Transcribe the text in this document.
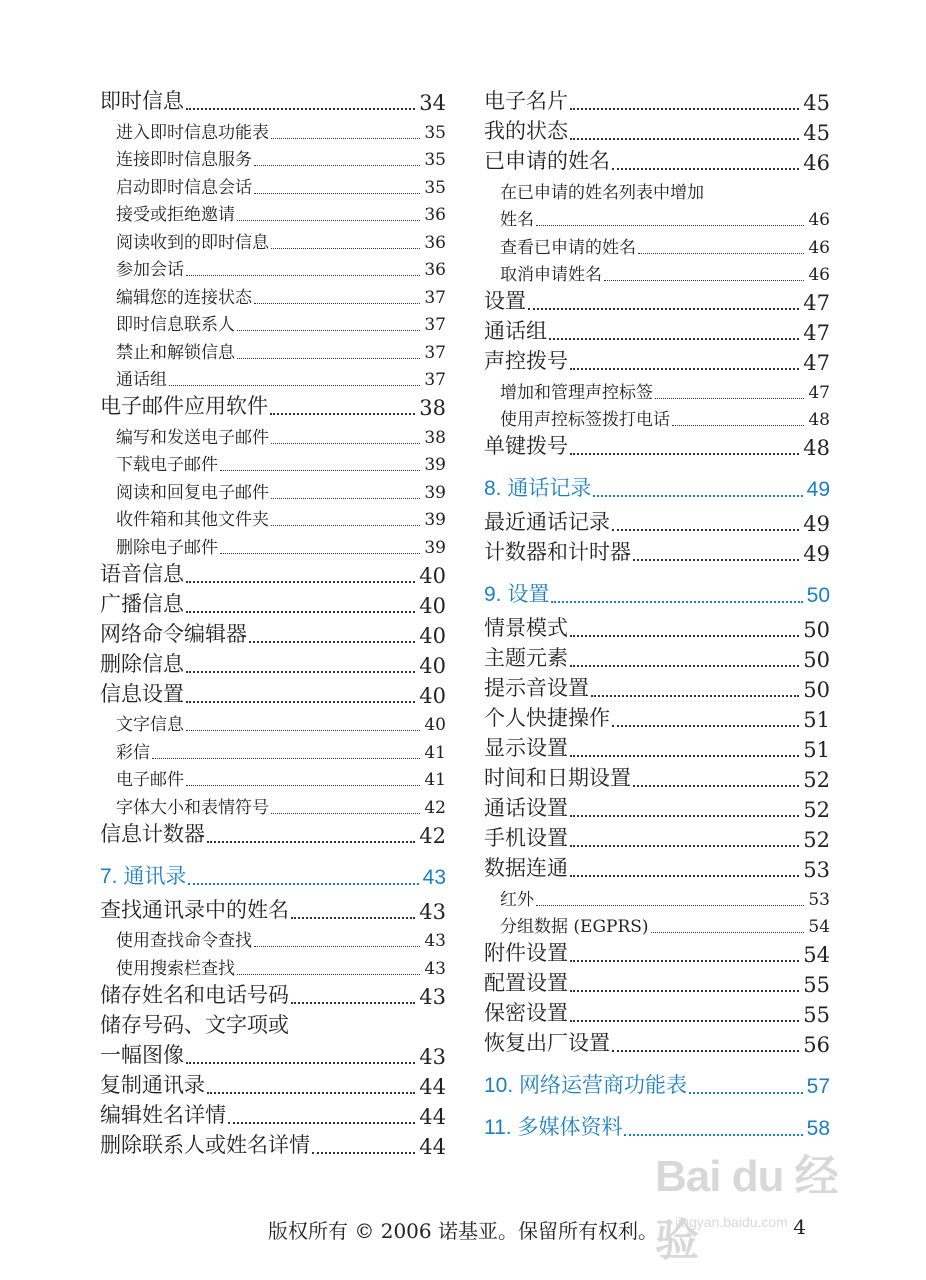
即时信息	34
进入即时信息功能表	35
连接即时信息服务	35
启动即时信息会话	35
接受或拒绝邀请	36
阅读收到的即时信息	36
参加会话	36
编辑您的连接状态	37
即时信息联系人	37
禁止和解锁信息	37
通话组	37
电子邮件应用软件	38
编写和发送电子邮件	38
下载电子邮件	39
阅读和回复电子邮件	39
收件箱和其他文件夹	39
删除电子邮件	39
语音信息	40
广播信息	40
网络命令编辑器	40
删除信息	40
信息设置	40
文字信息	40
彩信	41
电子邮件	41
字体大小和表情符号	42
信息计数器	42
7. 通讯录	43
查找通讯录中的姓名	43
使用查找命令查找	43
使用搜索栏查找	43
储存姓名和电话号码	43
储存号码、文字项或
一幅图像	43
复制通讯录	44
编辑姓名详情	44
删除联系人或姓名详情	44
电子名片	45
我的状态	45
已申请的姓名	46
在已申请的姓名列表中增加
姓名	46
查看已申请的姓名	46
取消申请姓名	46
设置	47
通话组	47
声控拨号	47
增加和管理声控标签	47
使用声控标签拨打电话	48
单键拨号	48
8. 通话记录	49
最近通话记录	49
计数器和计时器	49
9. 设置	50
情景模式	50
主题元素	50
提示音设置	50
个人快捷操作	51
显示设置	51
时间和日期设置	52
通话设置	52
手机设置	52
数据连通	53
红外	53
分组数据 (EGPRS)	54
附件设置	54
配置设置	55
保密设置	55
恢复出厂设置	56
10. 网络运营商功能表	57
11. 多媒体资料	58
Bai du 经验
jingyan.baidu.com
版权所有 © 2006 诺基亚。保留所有权利。	4
